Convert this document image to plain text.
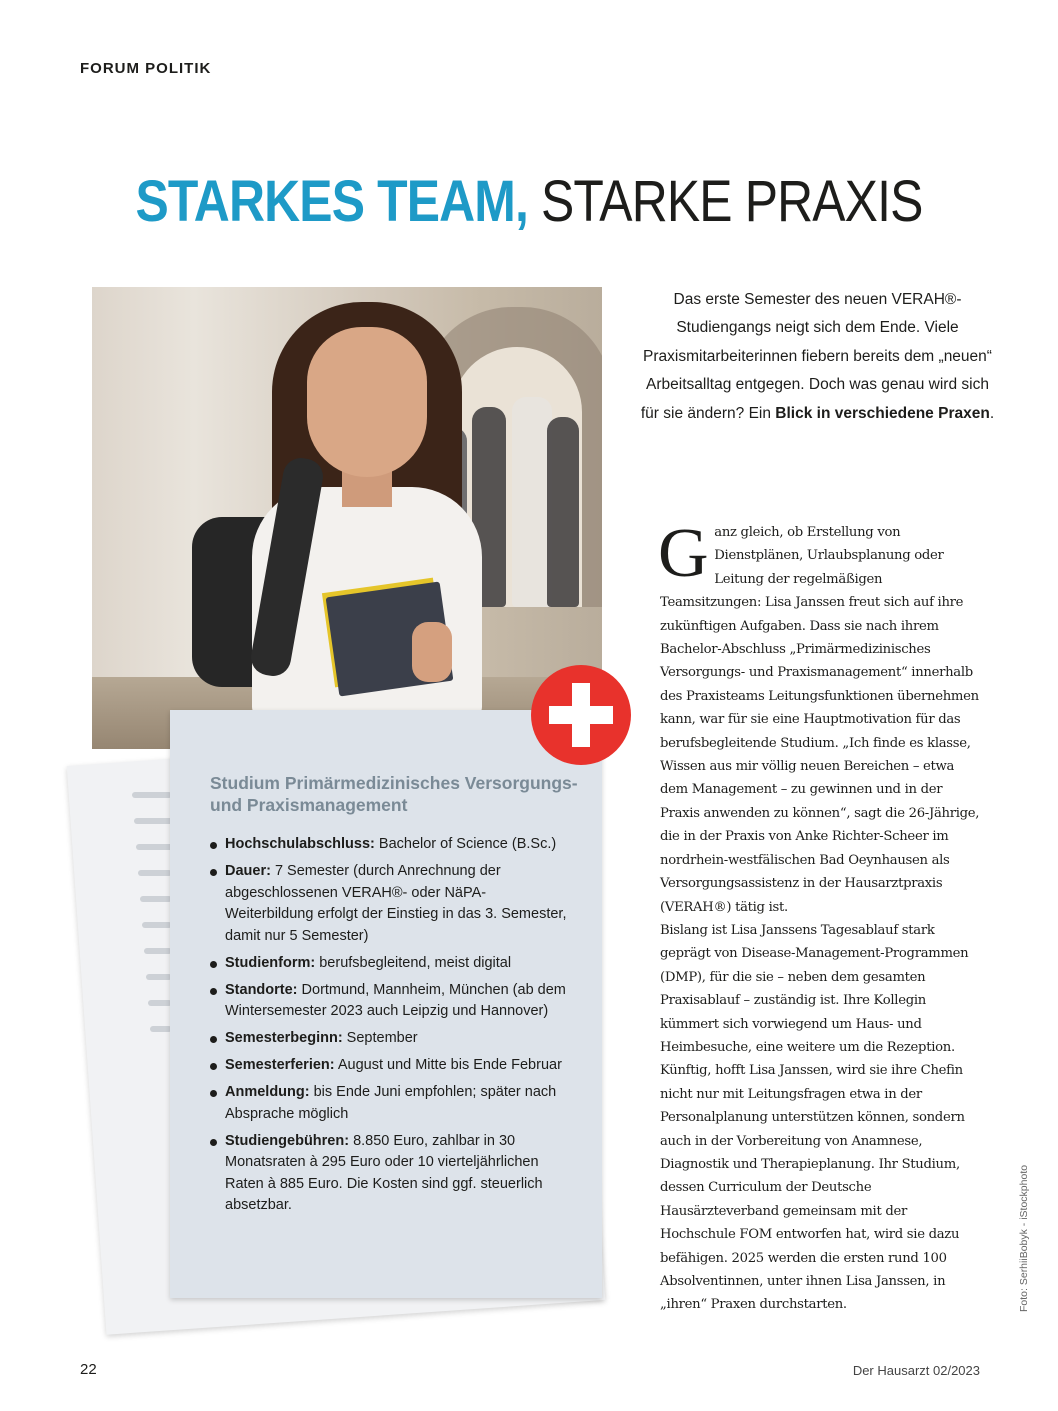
FORUM POLITIK
STARKES TEAM, STARKE PRAXIS
Studium Primärmedizinisches Versorgungs- und Praxismanagement
Hochschulabschluss: Bachelor of Science (B.Sc.)
Dauer: 7 Semester (durch Anrechnung der abgeschlossenen VERAH®- oder NäPA-Weiterbildung erfolgt der Einstieg in das 3. Semester, damit nur 5 Semester)
Studienform: berufsbegleitend, meist digital
Standorte: Dortmund, Mannheim, München (ab dem Wintersemester 2023 auch Leipzig und Hannover)
Semesterbeginn: September
Semesterferien: August und Mitte bis Ende Februar
Anmeldung: bis Ende Juni empfohlen; später nach Absprache möglich
Studiengebühren: 8.850 Euro, zahlbar in 30 Monatsraten à 295 Euro oder 10 vierteljährlichen Raten à 885 Euro. Die Kosten sind ggf. steuerlich absetzbar.
Das erste Semester des neuen VERAH®-Studiengangs neigt sich dem Ende. Viele Praxismitarbeiterinnen fiebern bereits dem „neuen“ Arbeitsalltag entgegen. Doch was genau wird sich für sie ändern? Ein Blick in verschiedene Praxen.

Ganz gleich, ob Erstellung von Dienstplänen, Urlaubsplanung oder Leitung der regelmäßigen Teamsitzungen: Lisa Janssen freut sich auf ihre zukünftigen Aufgaben. Dass sie nach ihrem Bachelor-Abschluss „Primärmedizinisches Versorgungs- und Praxismanagement“ innerhalb des Praxisteams Leitungsfunktionen übernehmen kann, war für sie eine Hauptmotivation für das berufsbegleitende Studium. „Ich finde es klasse, Wissen aus mir völlig neuen Bereichen – etwa dem Management – zu gewinnen und in der Praxis anwenden zu können“, sagt die 26-Jährige, die in der Praxis von Anke Richter-Scheer im nordrhein-westfälischen Bad Oeynhausen als Versorgungsassistenz in der Hausarztpraxis (VERAH®) tätig ist.

Bislang ist Lisa Janssens Tagesablauf stark geprägt von Disease-Management-Programmen (DMP), für die sie – neben dem gesamten Praxisablauf – zuständig ist. Ihre Kollegin kümmert sich vorwiegend um Haus- und Heimbesuche, eine weitere um die Rezeption. Künftig, hofft Lisa Janssen, wird sie ihre Chefin nicht nur mit Leitungsfragen etwa in der Personalplanung unterstützen können, sondern auch in der Vorbereitung von Anamnese, Diagnostik und Therapieplanung. Ihr Studium, dessen Curriculum der Deutsche Hausärzteverband gemeinsam mit der Hochschule FOM entworfen hat, wird sie dazu befähigen. 2025 werden die ersten rund 100 Absolventinnen, unter ihnen Lisa Janssen, in „ihren“ Praxen durchstarten.	Foto: SerhiiBobyk - iStockphoto
22	Der Hausarzt 02/2023
